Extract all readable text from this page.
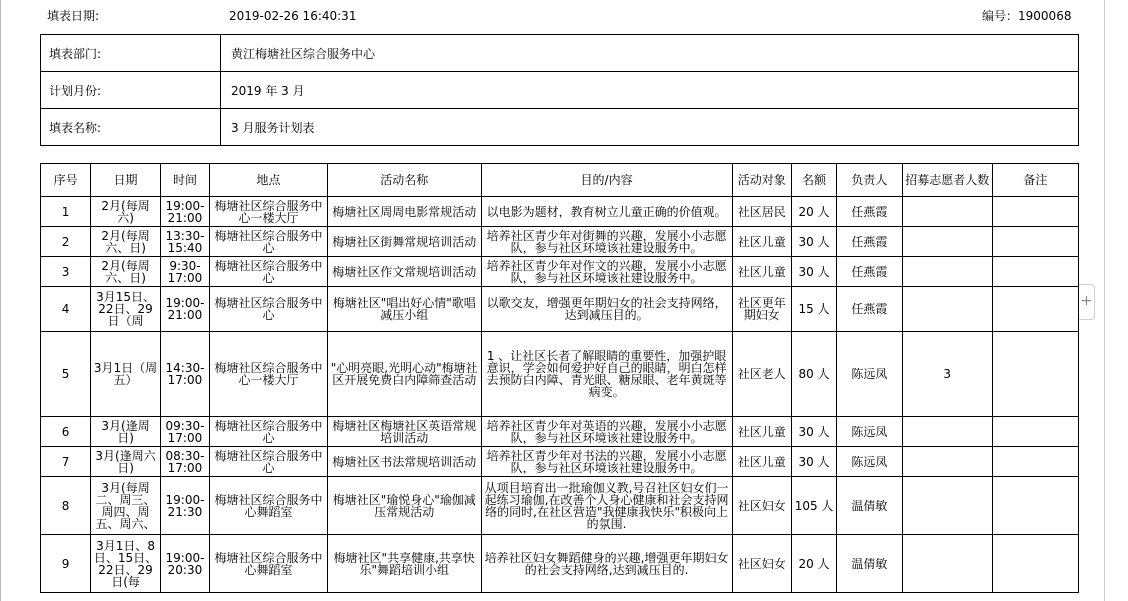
填表日期:	2019-02-26 16:40:31	编号：1900068
填表部门:	黄江梅塘社区综合服务中心
计划月份:	2019 年 3 月
填表名称:	3 月服务计划表
序号	日期	时间	地点	活动名称	目的/内容	活动对象	名额	负责人	招募志愿者人数	备注

1	2月(每周六)	19:00-21:00	梅塘社区综合服务中心一楼大厅	梅塘社区周周电影常规活动	以电影为题材，教育树立儿童正确的价值观。	社区居民	20 人	任燕霞		

2	2月(每周六、日)	13:30-15:40	梅塘社区综合服务中心	梅塘社区街舞常规培训活动	培养社区青少年对街舞的兴趣，发展小小志愿队，参与社区环境该社建设服务中。	社区儿童	30 人	任燕霞		

3	2月(每周六、日)	9:30-17:00	梅塘社区综合服务中心	梅塘社区作文常规培训活动	培养社区青少年对作文的兴趣，发展小小志愿队，参与社区环境该社建设服务中。	社区儿童	30 人	任燕霞		

4	3月15日、22日、29日（周	19:00-21:00	梅塘社区综合服务中心	梅塘社区"唱出好心情"歌唱减压小组	以歌交友，增强更年期妇女的社会支持网络，达到减压目的。	社区更年期妇女	15 人	任燕霞		

5	3月1日（周五）	14:30-17:00	梅塘社区综合服务中心一楼大厅	"心明亮眼,光明心动"梅塘社区开展免费白内障筛查活动	1 、让社区长者了解眼睛的重要性，加强护眼意识，学会如何爱护好自己的眼睛，明白怎样去预防白内障、青光眼、糖尿眼、老年黄斑等病变。	社区老人	80 人	陈远凤	3	

6	3月(逢周日)	09:30-17:00	梅塘社区综合服务中心	梅塘社区梅塘社区英语常规培训活动	培养社区青少年对英语的兴趣，发展小小志愿队，参与社区环境该社建设服务中。	社区儿童	30 人	陈远凤		

7	3月(逢周六日)	08:30-17:00	梅塘社区综合服务中心	梅塘社区书法常规培训活动	培养社区青少年对书法的兴趣，发展小小志愿队，参与社区环境该社建设服务中。	社区儿童	30 人	陈远凤		

8	3月(每周二、周三、周四、周五、周六、	19:00-21:30	梅塘社区综合服务中心舞蹈室	梅塘社区"瑜悦身心"瑜伽减压常规活动	从项目培育出一批瑜伽义教,号召社区妇女们一起练习瑜伽,在改善个人身心健康和社会支持网络的同时,在社区营造"我健康我快乐"积极向上的氛围.	社区妇女	105 人	温倩敏		

9	3月1日、8日、15日、22日、29日(每	19:00-20:30	梅塘社区综合服务中心舞蹈室	梅塘社区"共享健康,共享快乐"舞蹈培训小组	培养社区妇女舞蹈健身的兴趣,增强更年期妇女的社会支持网络,达到减压目的.	社区妇女	20 人	温倩敏		

+
